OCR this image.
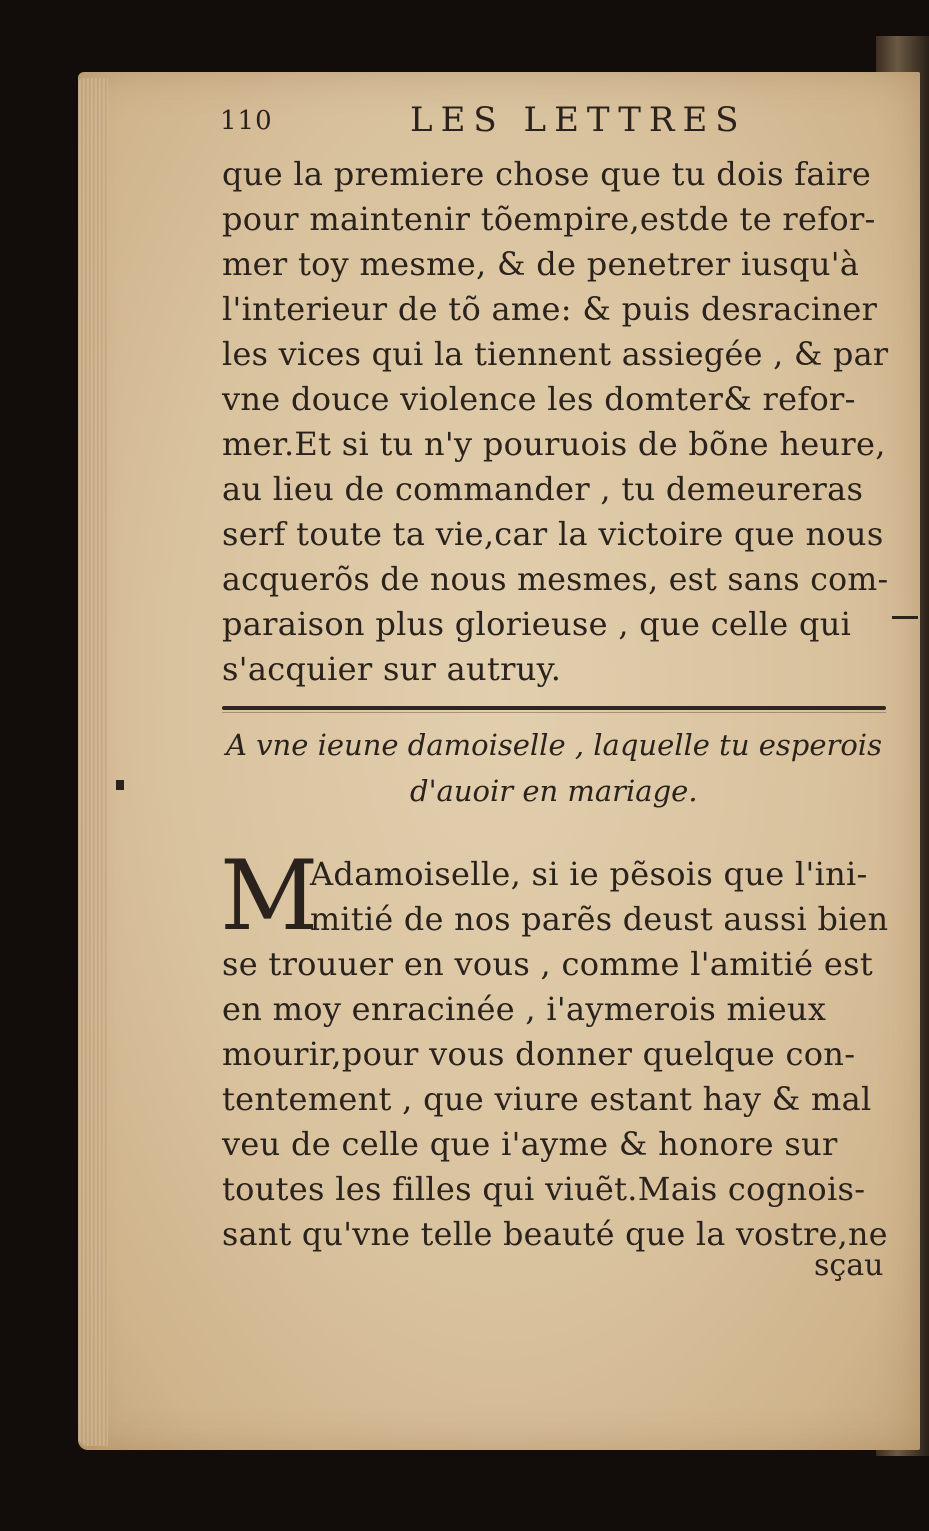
110	LES LETTRES
que la premiere chose que tu dois faire
pour maintenir tõempire,estde te refor-
mer toy mesme, & de penetrer iusqu'à
l'interieur de tõ ame: & puis desraciner
les vices qui la tiennent assiegée , & par
vne douce violence les domter& refor-
mer.Et si tu n'y pouruois de bõne heure,
au lieu de commander , tu demeureras
serf toute ta vie,car la victoire que nous
acquerõs de nous mesmes, est sans com-
paraison plus glorieuse , que celle qui
s'acquier sur autruy.
A vne ieune damoiselle , laquelle tu esperois
d'auoir en mariage.
M
Adamoiselle, si ie pẽsois que l'ini-
mitié de nos parẽs deust aussi bien
se trouuer en vous , comme l'amitié est
en moy enracinée , i'aymerois mieux
mourir,pour vous donner quelque con-
tentement , que viure estant hay & mal
veu de celle que i'ayme & honore sur
toutes les filles qui viuẽt.Mais cognois-
sant qu'vne telle beauté que la vostre,ne
sçau
